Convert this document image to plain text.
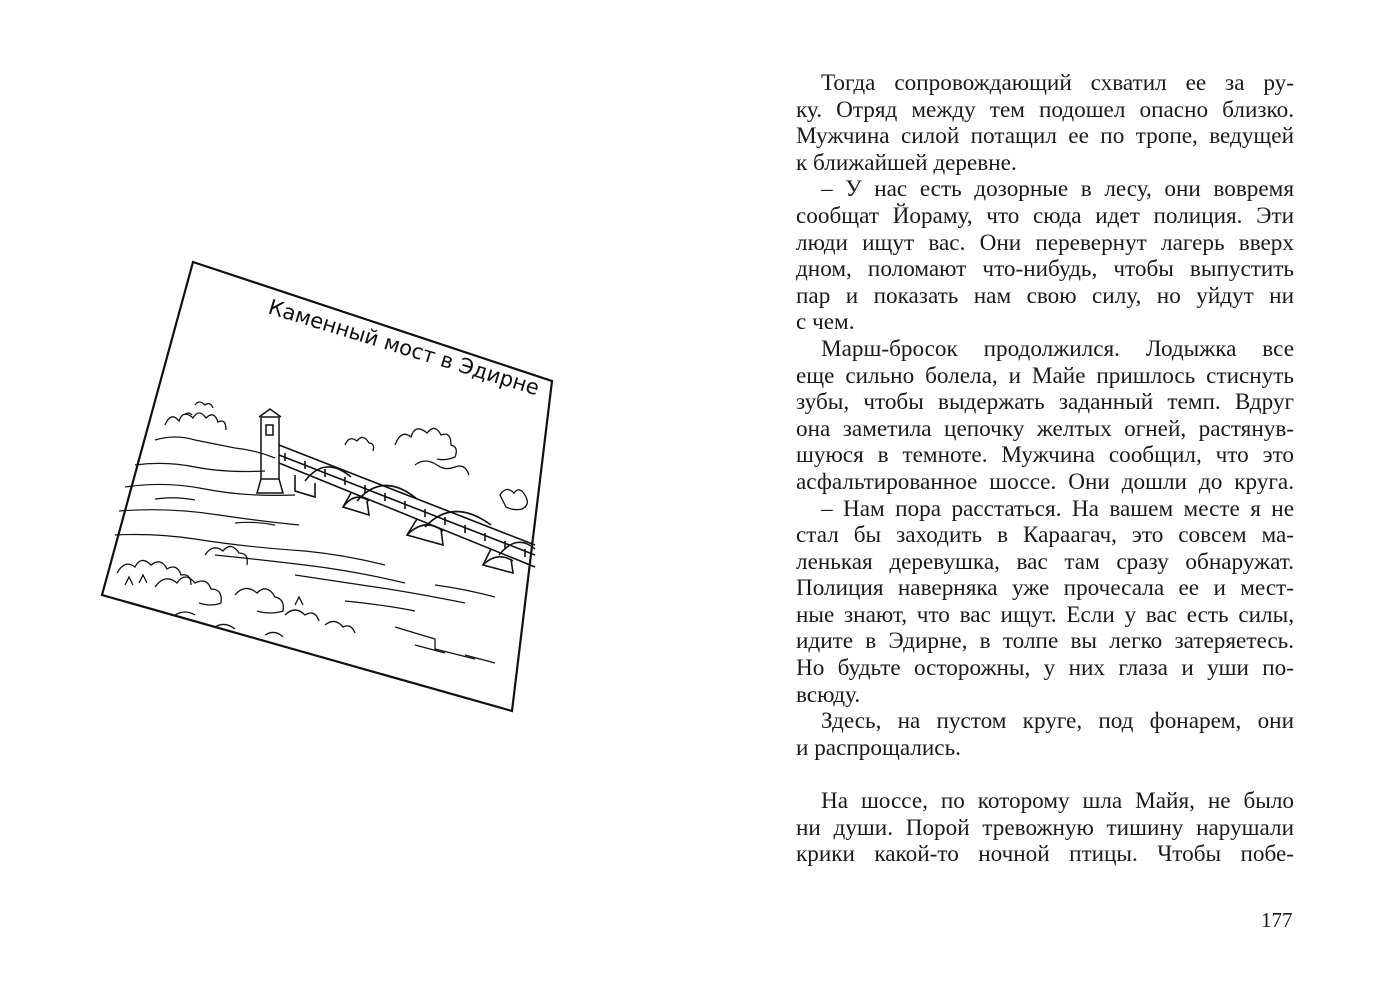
Каменный мост в Эдирне
Тогда сопровождающий схватил ее за ру-
ку. Отряд между тем подошел опасно близко.
Мужчина силой потащил ее по тропе, ведущей
к ближайшей деревне.
– У нас есть дозорные в лесу, они вовремя
сообщат Йораму, что сюда идет полиция. Эти
люди ищут вас. Они перевернут лагерь вверх
дном, поломают что-нибудь, чтобы выпустить
пар и показать нам свою силу, но уйдут ни
с чем.
Марш-бросок продолжился. Лодыжка все
еще сильно болела, и Майе пришлось стиснуть
зубы, чтобы выдержать заданный темп. Вдруг
она заметила цепочку желтых огней, растянув-
шуюся в темноте. Мужчина сообщил, что это
асфальтированное шоссе. Они дошли до круга.
– Нам пора расстаться. На вашем месте я не
стал бы заходить в Караагач, это совсем ма-
ленькая деревушка, вас там сразу обнаружат.
Полиция наверняка уже прочесала ее и мест-
ные знают, что вас ищут. Если у вас есть силы,
идите в Эдирне, в толпе вы легко затеряетесь.
Но будьте осторожны, у них глаза и уши по-
всюду.
Здесь, на пустом круге, под фонарем, они
и распрощались.
На шоссе, по которому шла Майя, не было
ни души. Порой тревожную тишину нарушали
крики какой-то ночной птицы. Чтобы побе-
177
